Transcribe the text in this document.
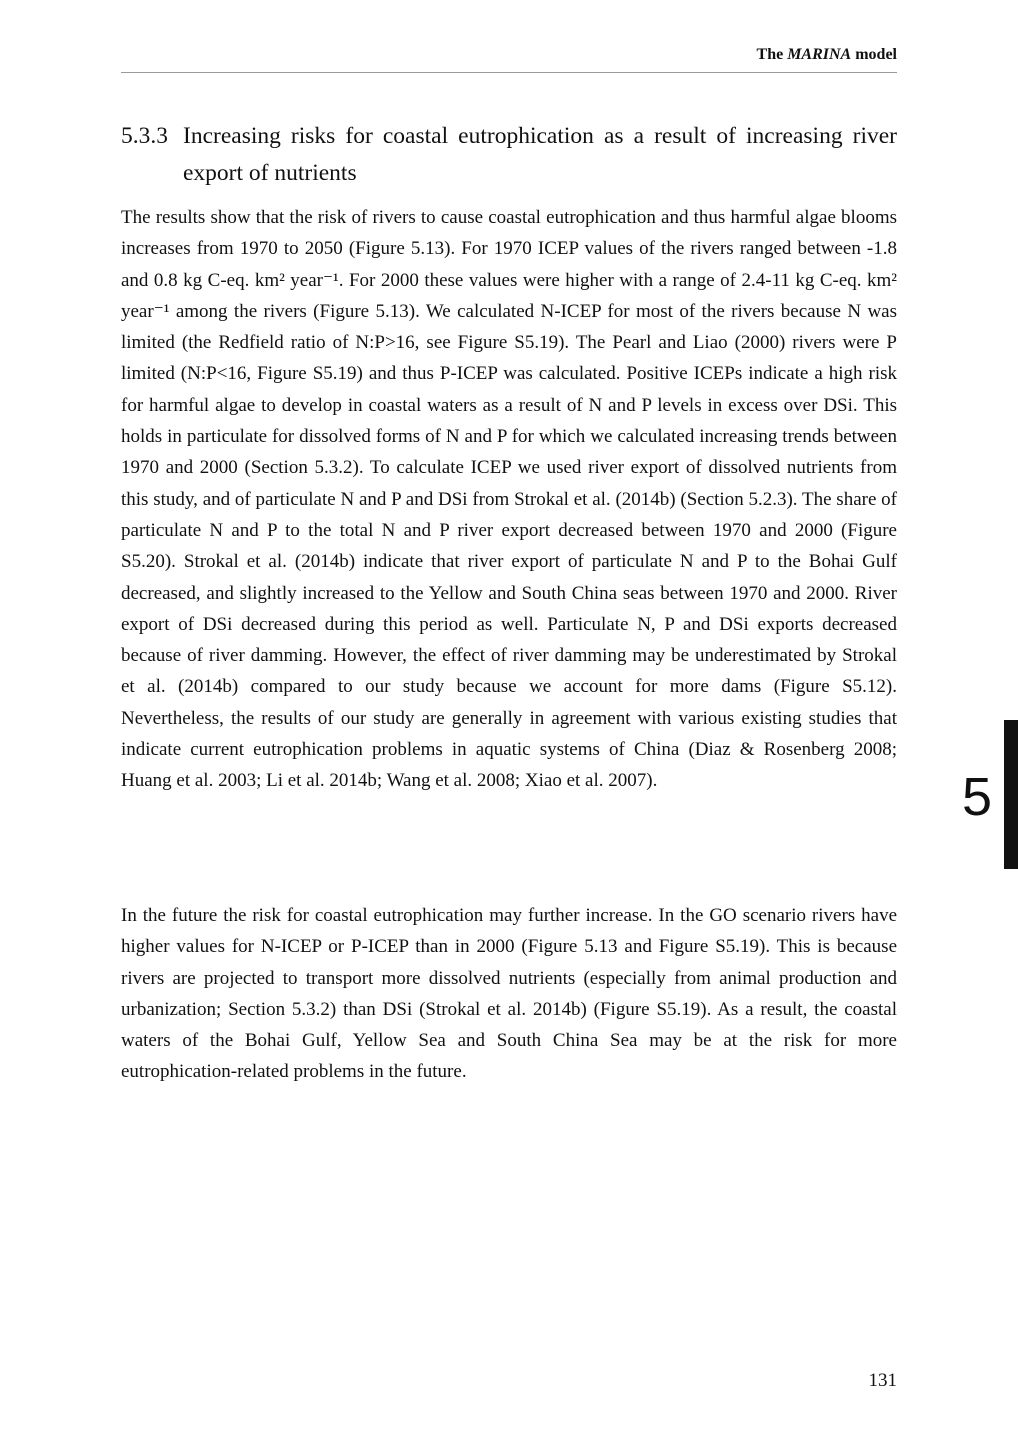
The MARINA model
5.3.3 Increasing risks for coastal eutrophication as a result of increasing river export of nutrients

The results show that the risk of rivers to cause coastal eutrophication and thus harmful algae blooms increases from 1970 to 2050 (Figure 5.13). For 1970 ICEP values of the rivers ranged between -1.8 and 0.8 kg C-eq. km² year⁻¹. For 2000 these values were higher with a range of 2.4-11 kg C-eq. km² year⁻¹ among the rivers (Figure 5.13). We calculated N-ICEP for most of the rivers because N was limited (the Redfield ratio of N:P>16, see Figure S5.19). The Pearl and Liao (2000) rivers were P limited (N:P<16, Figure S5.19) and thus P-ICEP was calculated. Positive ICEPs indicate a high risk for harmful algae to develop in coastal waters as a result of N and P levels in excess over DSi. This holds in particulate for dissolved forms of N and P for which we calculated increasing trends between 1970 and 2000 (Section 5.3.2). To calculate ICEP we used river export of dissolved nutrients from this study, and of particulate N and P and DSi from Strokal et al. (2014b) (Section 5.2.3). The share of particulate N and P to the total N and P river export decreased between 1970 and 2000 (Figure S5.20). Strokal et al. (2014b) indicate that river export of particulate N and P to the Bohai Gulf decreased, and slightly increased to the Yellow and South China seas between 1970 and 2000. River export of DSi decreased during this period as well. Particulate N, P and DSi exports decreased because of river damming. However, the effect of river damming may be underestimated by Strokal et al. (2014b) compared to our study because we account for more dams (Figure S5.12). Nevertheless, the results of our study are generally in agreement with various existing studies that indicate current eutrophication problems in aquatic systems of China (Diaz & Rosenberg 2008; Huang et al. 2003; Li et al. 2014b; Wang et al. 2008; Xiao et al. 2007).

In the future the risk for coastal eutrophication may further increase. In the GO scenario rivers have higher values for N-ICEP or P-ICEP than in 2000 (Figure 5.13 and Figure S5.19). This is because rivers are projected to transport more dissolved nutrients (especially from animal production and urbanization; Section 5.3.2) than DSi (Strokal et al. 2014b) (Figure S5.19). As a result, the coastal waters of the Bohai Gulf, Yellow Sea and South China Sea may be at the risk for more eutrophication-related problems in the future.

5
131
